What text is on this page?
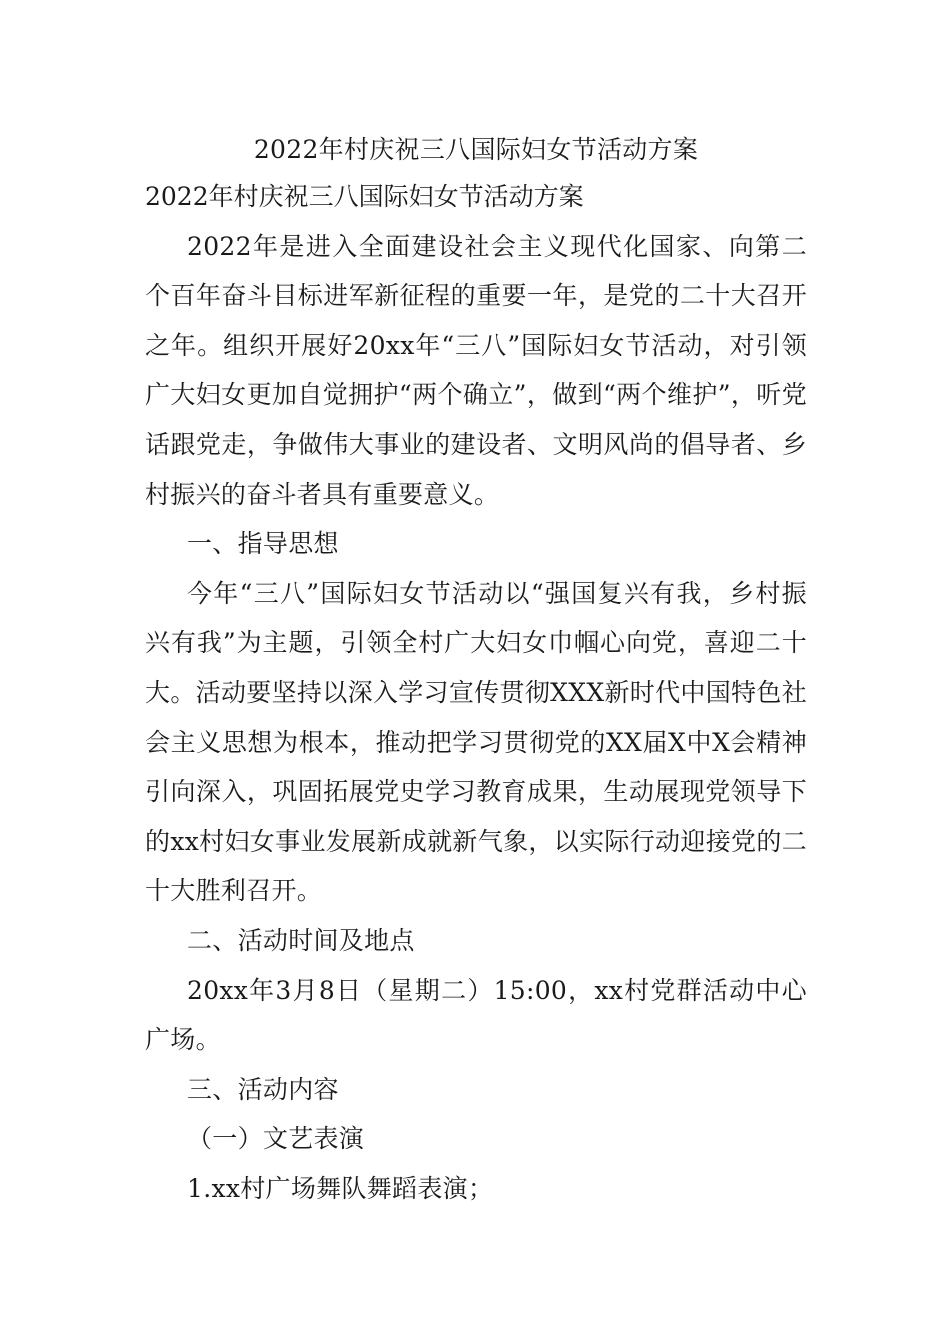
2022年村庆祝三八国际妇女节活动方案

2022年村庆祝三八国际妇女节活动方案

2022年是进入全面建设社会主义现代化国家、向第二个百年奋斗目标进军新征程的重要一年，是党的二十大召开之年。组织开展好20xx年“三八”国际妇女节活动，对引领广大妇女更加自觉拥护“两个确立”，做到“两个维护”，听党话跟党走，争做伟大事业的建设者、文明风尚的倡导者、乡村振兴的奋斗者具有重要意义。

一、指导思想

今年“三八”国际妇女节活动以“强国复兴有我，乡村振兴有我”为主题，引领全村广大妇女巾帼心向党，喜迎二十大。活动要坚持以深入学习宣传贯彻XXX新时代中国特色社会主义思想为根本，推动把学习贯彻党的XX届X中X会精神引向深入，巩固拓展党史学习教育成果，生动展现党领导下的xx村妇女事业发展新成就新气象，以实际行动迎接党的二十大胜利召开。

二、活动时间及地点

20xx年3月8日（星期二）15:00，xx村党群活动中心广场。

三、活动内容

（一）文艺表演

1.xx村广场舞队舞蹈表演；
